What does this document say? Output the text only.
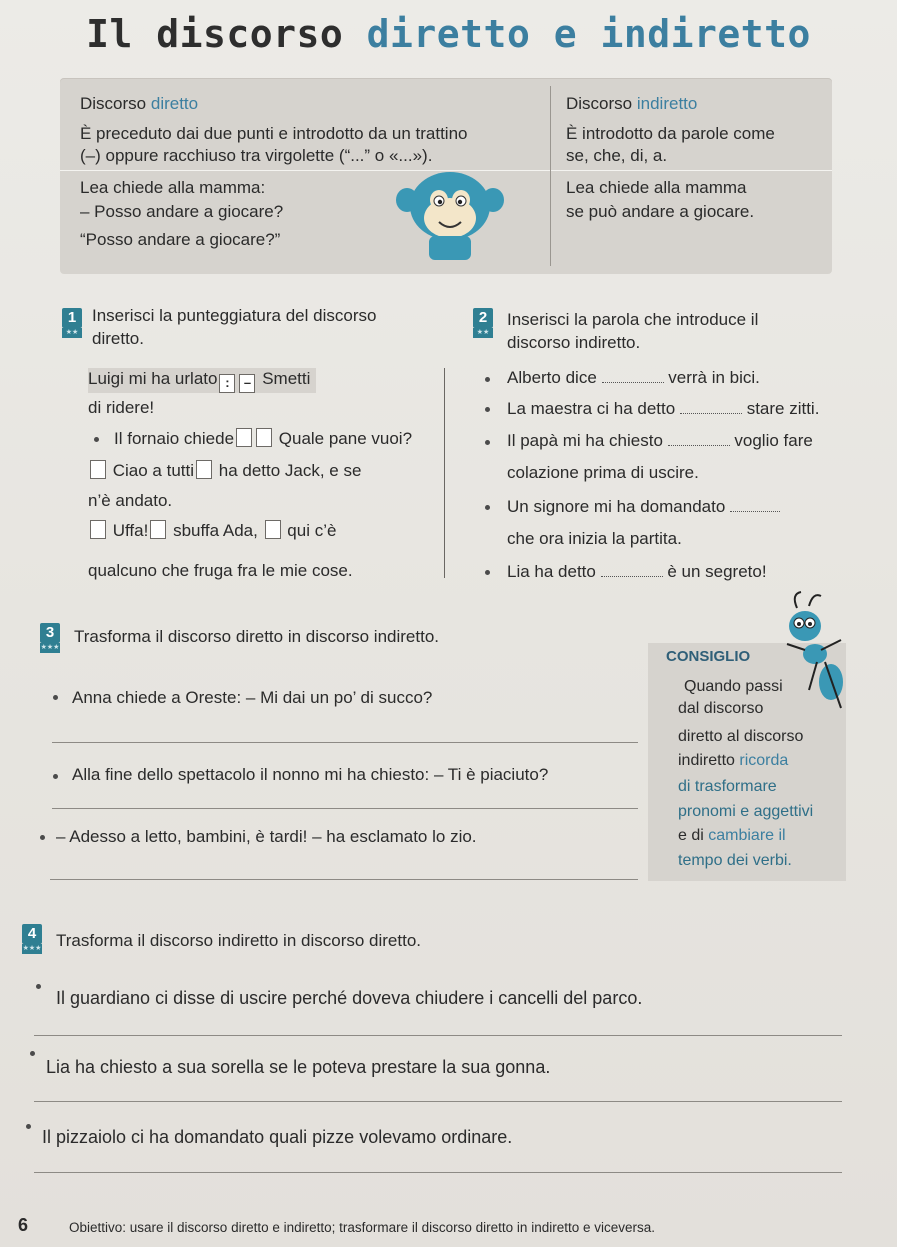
Il discorso diretto e indiretto
Discorso diretto
È preceduto dai due punti e introdotto da un trattino
(–) oppure racchiuso tra virgolette (“...” o «...»).
Lea chiede alla mamma:
– Posso andare a giocare?
“Posso andare a giocare?”
Discorso indiretto
È introdotto da parole come
se, che, di, a.
Lea chiede alla mamma
se può andare a giocare.
1
★★
Inserisci la punteggiatura del discorso
diretto.
Luigi mi ha urlato : – Smetti
di ridere!
Il fornaio chiede	Quale pane vuoi?
Ciao a tutti ha detto Jack, e se
n’è andato.
Uffa! sbuffa Ada, qui c’è
qualcuno che fruga fra le mie cose.
2
★★
Inserisci la parola che introduce il
discorso indiretto.
Alberto dice	verrà in bici.
La maestra ci ha detto	stare zitti.
Il papà mi ha chiesto	voglio fare
colazione prima di uscire.
Un signore mi ha domandato
che ora inizia la partita.
Lia ha detto	è un segreto!
3
★★★
Trasforma il discorso diretto in discorso indiretto.
Anna chiede a Oreste: – Mi dai un po’ di succo?
Alla fine dello spettacolo il nonno mi ha chiesto: – Ti è piaciuto?
– Adesso a letto, bambini, è tardi! – ha esclamato lo zio.
CONSIGLIO
Quando passi
dal discorso
diretto al discorso
indiretto ricorda
di trasformare
pronomi e aggettivi
e di cambiare il
tempo dei verbi.
4
★★★ Trasforma il discorso indiretto in discorso diretto.
Il guardiano ci disse di uscire perché doveva chiudere i cancelli del parco.
Lia ha chiesto a sua sorella se le poteva prestare la sua gonna.
Il pizzaiolo ci ha domandato quali pizze volevamo ordinare.
6	Obiettivo: usare il discorso diretto e indiretto; trasformare il discorso diretto in indiretto e viceversa.
